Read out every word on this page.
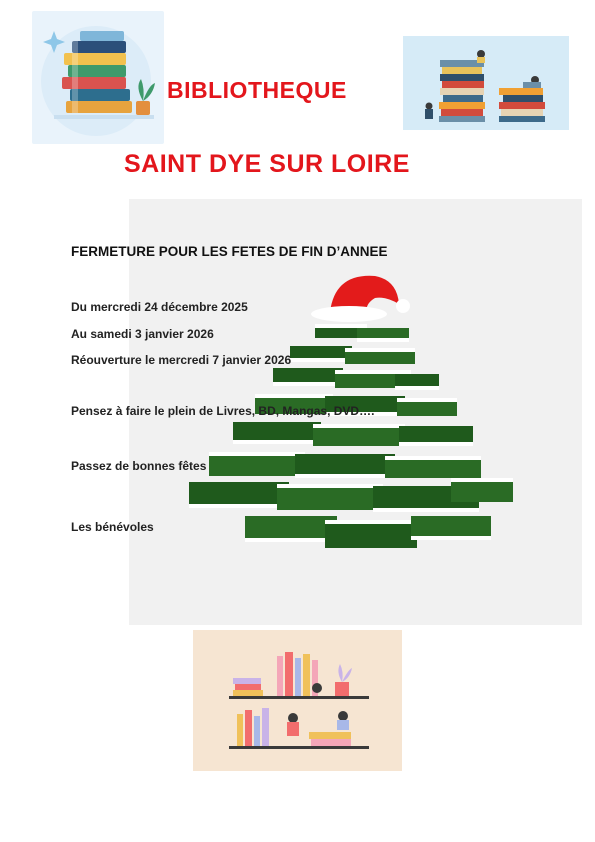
BIBLIOTHEQUE
SAINT DYE SUR LOIRE
FERMETURE POUR LES FETES DE FIN D’ANNEE
Du mercredi 24 décembre 2025
Au samedi 3 janvier 2026
Réouverture le mercredi 7 janvier 2026
Pensez à faire le plein de Livres, BD, Mangas, DVD….
Passez de bonnes fêtes
Les bénévoles
